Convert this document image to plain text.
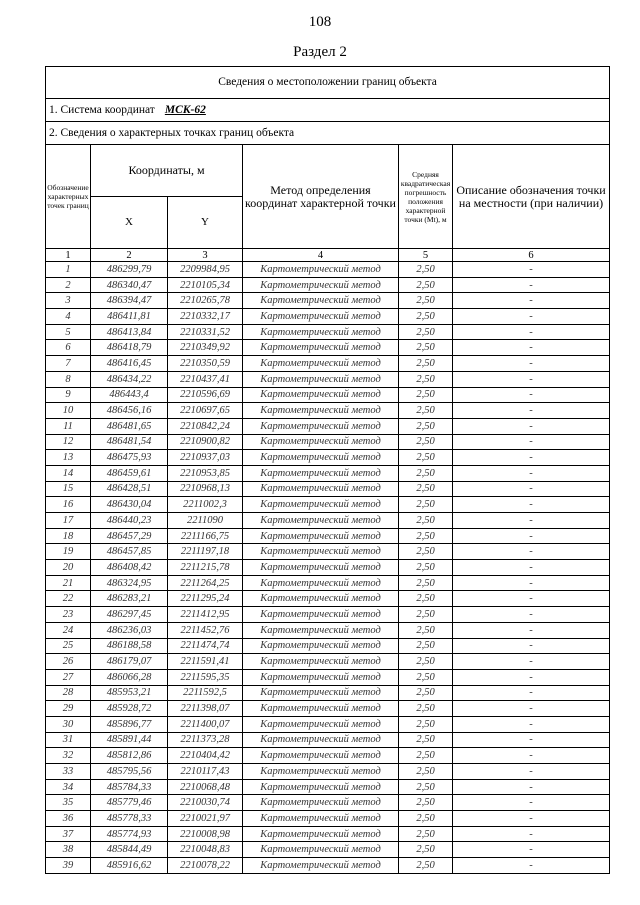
108
Раздел 2
Сведения о местоположении границ объекта					
1. Система координат МСК-62					
2. Сведения о характерных точках границ объекта					
Обозначение характерных точек границ	Координаты, м		Метод определения координат характерной точки	Средняя квадратическая погрешность положения характерной точки (Mt), м	Описание обозначения точки на местности (при наличии)
	X	Y			
1	2	3	4	5	6
1	486299,79	2209984,95	Картометрический метод	2,50	-
2	486340,47	2210105,34	Картометрический метод	2,50	-
3	486394,47	2210265,78	Картометрический метод	2,50	-
4	486411,81	2210332,17	Картометрический метод	2,50	-
5	486413,84	2210331,52	Картометрический метод	2,50	-
6	486418,79	2210349,92	Картометрический метод	2,50	-
7	486416,45	2210350,59	Картометрический метод	2,50	-
8	486434,22	2210437,41	Картометрический метод	2,50	-
9	486443,4	2210596,69	Картометрический метод	2,50	-
10	486456,16	2210697,65	Картометрический метод	2,50	-
11	486481,65	2210842,24	Картометрический метод	2,50	-
12	486481,54	2210900,82	Картометрический метод	2,50	-
13	486475,93	2210937,03	Картометрический метод	2,50	-
14	486459,61	2210953,85	Картометрический метод	2,50	-
15	486428,51	2210968,13	Картометрический метод	2,50	-
16	486430,04	2211002,3	Картометрический метод	2,50	-
17	486440,23	2211090	Картометрический метод	2,50	-
18	486457,29	2211166,75	Картометрический метод	2,50	-
19	486457,85	2211197,18	Картометрический метод	2,50	-
20	486408,42	2211215,78	Картометрический метод	2,50	-
21	486324,95	2211264,25	Картометрический метод	2,50	-
22	486283,21	2211295,24	Картометрический метод	2,50	-
23	486297,45	2211412,95	Картометрический метод	2,50	-
24	486236,03	2211452,76	Картометрический метод	2,50	-
25	486188,58	2211474,74	Картометрический метод	2,50	-
26	486179,07	2211591,41	Картометрический метод	2,50	-
27	486066,28	2211595,35	Картометрический метод	2,50	-
28	485953,21	2211592,5	Картометрический метод	2,50	-
29	485928,72	2211398,07	Картометрический метод	2,50	-
30	485896,77	2211400,07	Картометрический метод	2,50	-
31	485891,44	2211373,28	Картометрический метод	2,50	-
32	485812,86	2210404,42	Картометрический метод	2,50	-
33	485795,56	2210117,43	Картометрический метод	2,50	-
34	485784,33	2210068,48	Картометрический метод	2,50	-
35	485779,46	2210030,74	Картометрический метод	2,50	-
36	485778,33	2210021,97	Картометрический метод	2,50	-
37	485774,93	2210008,98	Картометрический метод	2,50	-
38	485844,49	2210048,83	Картометрический метод	2,50	-
39	485916,62	2210078,22	Картометрический метод	2,50	-
